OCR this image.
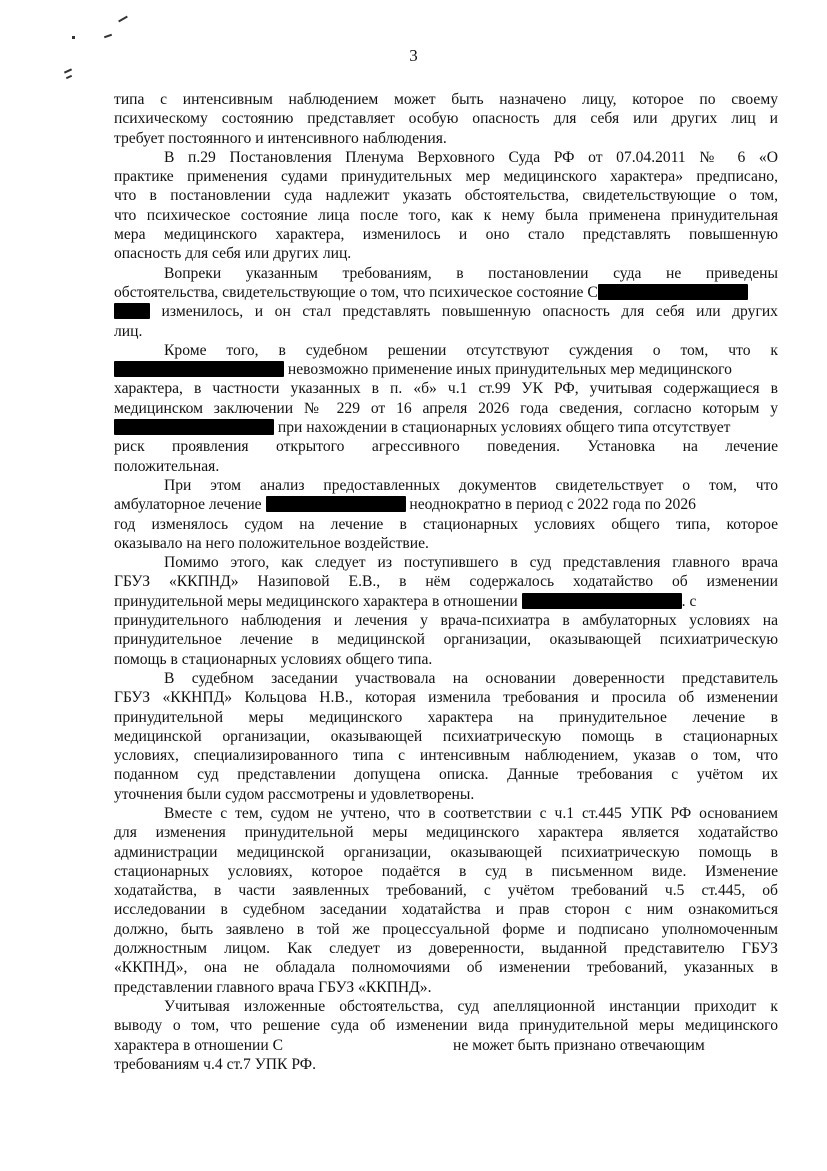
3
типа с интенсивным наблюдением может быть назначено лицу, которое по своему
психическому состоянию представляет особую опасность для себя или других лиц и
требует постоянного и интенсивного наблюдения.
В п.29 Постановления Пленума Верховного Суда РФ от 07.04.2011 № 6 «О
практике применения судами принудительных мер медицинского характера» предписано,
что в постановлении суда надлежит указать обстоятельства, свидетельствующие о том,
что психическое состояние лица после того, как к нему была применена принудительная
мера медицинского характера, изменилось и оно стало представлять повышенную
опасность для себя или других лиц.
Вопреки указанным требованиям, в постановлении суда не приведены
обстоятельства, свидетельствующие о том, что психическое состояние С
изменилось, и он стал представлять повышенную опасность для себя или других
лиц.
Кроме того, в судебном решении отсутствуют суждения о том, что к
невозможно применение иных принудительных мер медицинского
характера, в частности указанных в п. «б» ч.1 ст.99 УК РФ, учитывая содержащиеся в
медицинском заключении № 229 от 16 апреля 2026 года сведения, согласно которым у
при нахождении в стационарных условиях общего типа отсутствует
риск проявления открытого агрессивного поведения. Установка на лечение
положительная.
При этом анализ предоставленных документов свидетельствует о том, что
амбулаторное лечение	неоднократно в период с 2022 года по 2026
год изменялось судом на лечение в стационарных условиях общего типа, которое
оказывало на него положительное воздействие.
Помимо этого, как следует из поступившего в суд представления главного врача
ГБУЗ «ККПНД» Назиповой Е.В., в нём содержалось ходатайство об изменении
принудительной меры медицинского характера в отношении	. с
принудительного наблюдения и лечения у врача-психиатра в амбулаторных условиях на
принудительное лечение в медицинской организации, оказывающей психиатрическую
помощь в стационарных условиях общего типа.
В судебном заседании участвовала на основании доверенности представитель
ГБУЗ «ККНПД» Кольцова Н.В., которая изменила требования и просила об изменении
принудительной меры медицинского характера на принудительное лечение в
медицинской организации, оказывающей психиатрическую помощь в стационарных
условиях, специализированного типа с интенсивным наблюдением, указав о том, что
поданном суд представлении допущена описка. Данные требования с учётом их
уточнения были судом рассмотрены и удовлетворены.
Вместе с тем, судом не учтено, что в соответствии с ч.1 ст.445 УПК РФ основанием
для изменения принудительной меры медицинского характера является ходатайство
администрации медицинской организации, оказывающей психиатрическую помощь в
стационарных условиях, которое подаётся в суд в письменном виде. Изменение
ходатайства, в части заявленных требований, с учётом требований ч.5 ст.445, об
исследовании в судебном заседании ходатайства и прав сторон с ним ознакомиться
должно, быть заявлено в той же процессуальной форме и подписано уполномоченным
должностным лицом. Как следует из доверенности, выданной представителю ГБУЗ
«ККПНД», она не обладала полномочиями об изменении требований, указанных в
представлении главного врача ГБУЗ «ККПНД».
Учитывая изложенные обстоятельства, суд апелляционной инстанции приходит к
выводу о том, что решение суда об изменении вида принудительной меры медицинского
характера в отношении С	не может быть признано отвечающим
требованиям ч.4 ст.7 УПК РФ.
